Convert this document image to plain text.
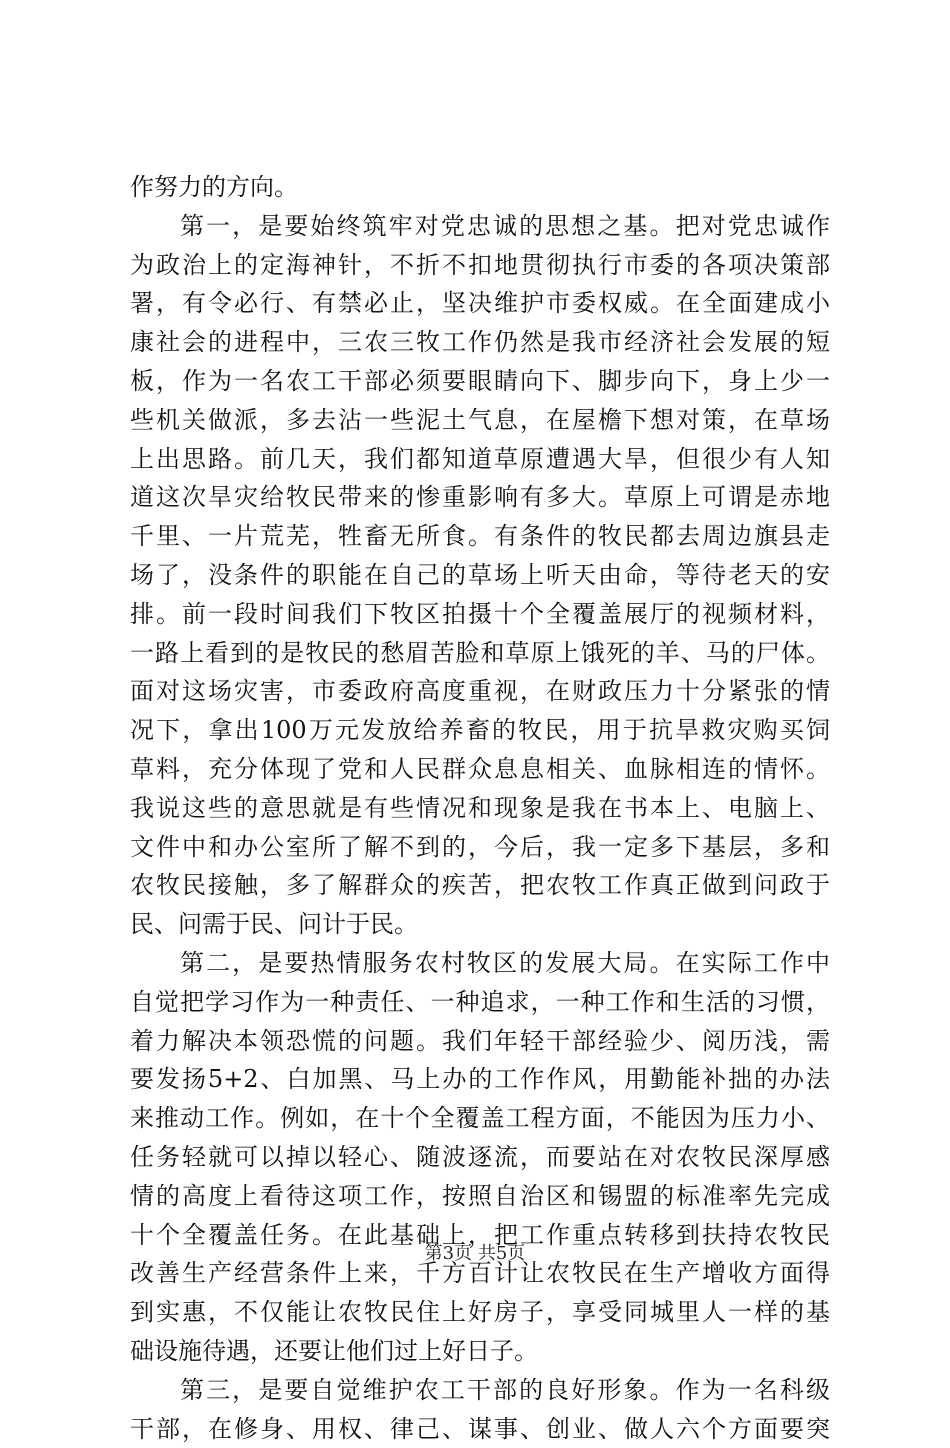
作努力的方向。
第一，是要始终筑牢对党忠诚的思想之基。把对党忠诚作
为政治上的定海神针，不折不扣地贯彻执行市委的各项决策部
署，有令必行、有禁必止，坚决维护市委权威。在全面建成小
康社会的进程中，三农三牧工作仍然是我市经济社会发展的短
板，作为一名农工干部必须要眼睛向下、脚步向下，身上少一
些机关做派，多去沾一些泥土气息，在屋檐下想对策，在草场
上出思路。前几天，我们都知道草原遭遇大旱，但很少有人知
道这次旱灾给牧民带来的惨重影响有多大。草原上可谓是赤地
千里、一片荒芜，牲畜无所食。有条件的牧民都去周边旗县走
场了，没条件的职能在自己的草场上听天由命，等待老天的安
排。前一段时间我们下牧区拍摄十个全覆盖展厅的视频材料，
一路上看到的是牧民的愁眉苦脸和草原上饿死的羊、马的尸体。
面对这场灾害，市委政府高度重视，在财政压力十分紧张的情
况下，拿出100万元发放给养畜的牧民，用于抗旱救灾购买饲
草料，充分体现了党和人民群众息息相关、血脉相连的情怀。
我说这些的意思就是有些情况和现象是我在书本上、电脑上、
文件中和办公室所了解不到的，今后，我一定多下基层，多和
农牧民接触，多了解群众的疾苦，把农牧工作真正做到问政于
民、问需于民、问计于民。
第二，是要热情服务农村牧区的发展大局。在实际工作中
自觉把学习作为一种责任、一种追求，一种工作和生活的习惯，
着力解决本领恐慌的问题。我们年轻干部经验少、阅历浅，需
要发扬5+2、白加黑、马上办的工作作风，用勤能补拙的办法
来推动工作。例如，在十个全覆盖工程方面，不能因为压力小、
任务轻就可以掉以轻心、随波逐流，而要站在对农牧民深厚感
情的高度上看待这项工作，按照自治区和锡盟的标准率先完成
十个全覆盖任务。在此基础上，把工作重点转移到扶持农牧民
改善生产经营条件上来，千方百计让农牧民在生产增收方面得
到实惠，不仅能让农牧民住上好房子，享受同城里人一样的基
础设施待遇，还要让他们过上好日子。
第三，是要自觉维护农工干部的良好形象。作为一名科级
干部，在修身、用权、律己、谋事、创业、做人六个方面要突
第3页 共5页
